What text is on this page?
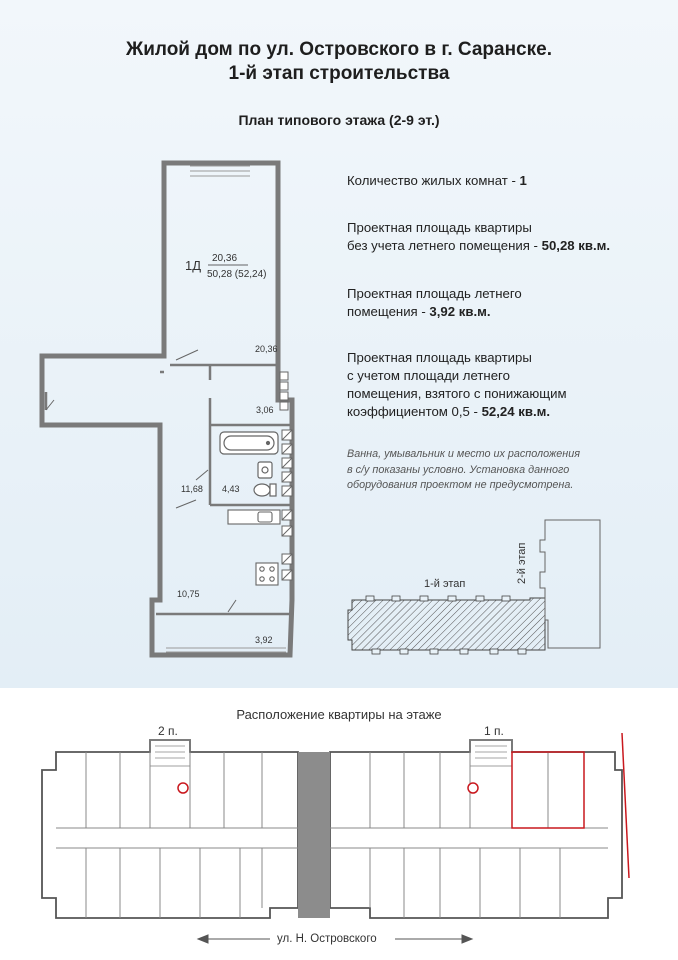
Жилой дом по ул. Островского в г. Саранске.
1-й этап строительства
План типового этажа (2-9 эт.)
Количество жилых комнат - 1
Проектная площадь квартиры
без учета летнего помещения - 50,28 кв.м.
Проектная площадь летнего
помещения - 3,92 кв.м.
Проектная площадь квартиры
с учетом площади летнего
помещения, взятого с понижающим
коэффициентом 0,5 - 52,24 кв.м.
Ванна, умывальник и место их расположения
в с/у показаны условно. Установка данного
оборудования проектом не предусмотрена.
1Д 20,36
50,28 (52,24)
20,36
3,06
11,68 4,43
10,75
3,92
1-й этап	2-й этап
Расположение квартиры на этаже
2 п.	1 п.
ул. Н. Островского
